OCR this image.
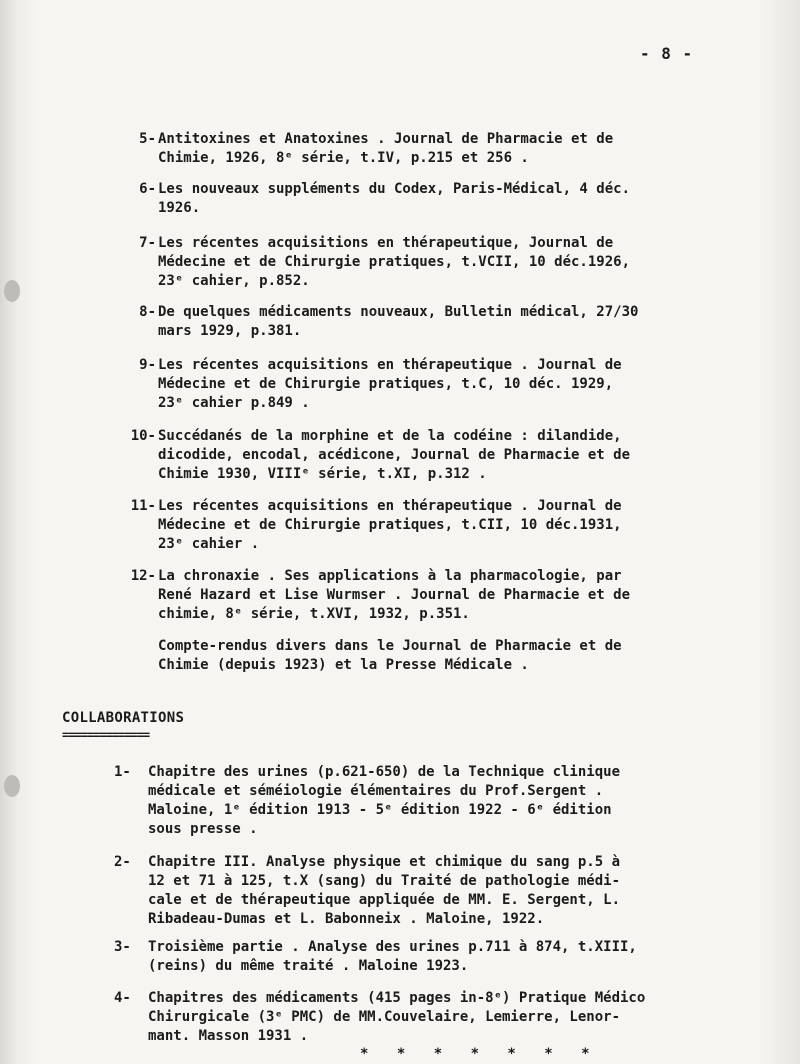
- 8 -
5- Antitoxines et Anatoxines . Journal de Pharmacie et de
Chimie, 1926, 8ᵉ série, t.IV, p.215 et 256 .
6- Les nouveaux suppléments du Codex, Paris-Médical, 4 déc.
1926.
7- Les récentes acquisitions en thérapeutique, Journal de
Médecine et de Chirurgie pratiques, t.VCII, 10 déc.1926,
23ᵉ cahier, p.852.
8- De quelques médicaments nouveaux, Bulletin médical, 27/30
mars 1929, p.381.
9- Les récentes acquisitions en thérapeutique . Journal de
Médecine et de Chirurgie pratiques, t.C, 10 déc. 1929,
23ᵉ cahier p.849 .
10- Succédanés de la morphine et de la codéine : dilandide,
dicodide, encodal, acédicone, Journal de Pharmacie et de
Chimie 1930, VIIIᵉ série, t.XI, p.312 .
11- Les récentes acquisitions en thérapeutique . Journal de
Médecine et de Chirurgie pratiques, t.CII, 10 déc.1931,
23ᵉ cahier .
12- La chronaxie . Ses applications à la pharmacologie, par
René Hazard et Lise Wurmser . Journal de Pharmacie et de
chimie, 8ᵉ série, t.XVI, 1932, p.351.
Compte-rendus divers dans le Journal de Pharmacie et de
Chimie (depuis 1923) et la Presse Médicale .
COLLABORATIONS
==============
1-	Chapitre des urines (p.621-650) de la Technique clinique
médicale et séméiologie élémentaires du Prof.Sergent .
Maloine, 1ᵉ édition 1913 - 5ᵉ édition 1922 - 6ᵉ édition
sous presse .
2-	Chapitre III. Analyse physique et chimique du sang p.5 à
12 et 71 à 125, t.X (sang) du Traité de pathologie médi-
cale et de thérapeutique appliquée de MM. E. Sergent, L.
Ribadeau-Dumas et L. Babonneix . Maloine, 1922.
3-	Troisième partie . Analyse des urines p.711 à 874, t.XIII,
(reins) du même traité . Maloine 1923.
4-	Chapitres des médicaments (415 pages in-8ᵉ) Pratique Médico
Chirurgicale (3ᵉ PMC) de MM.Couvelaire, Lemierre, Lenor-
mant. Masson 1931 .
* * * * * * *
